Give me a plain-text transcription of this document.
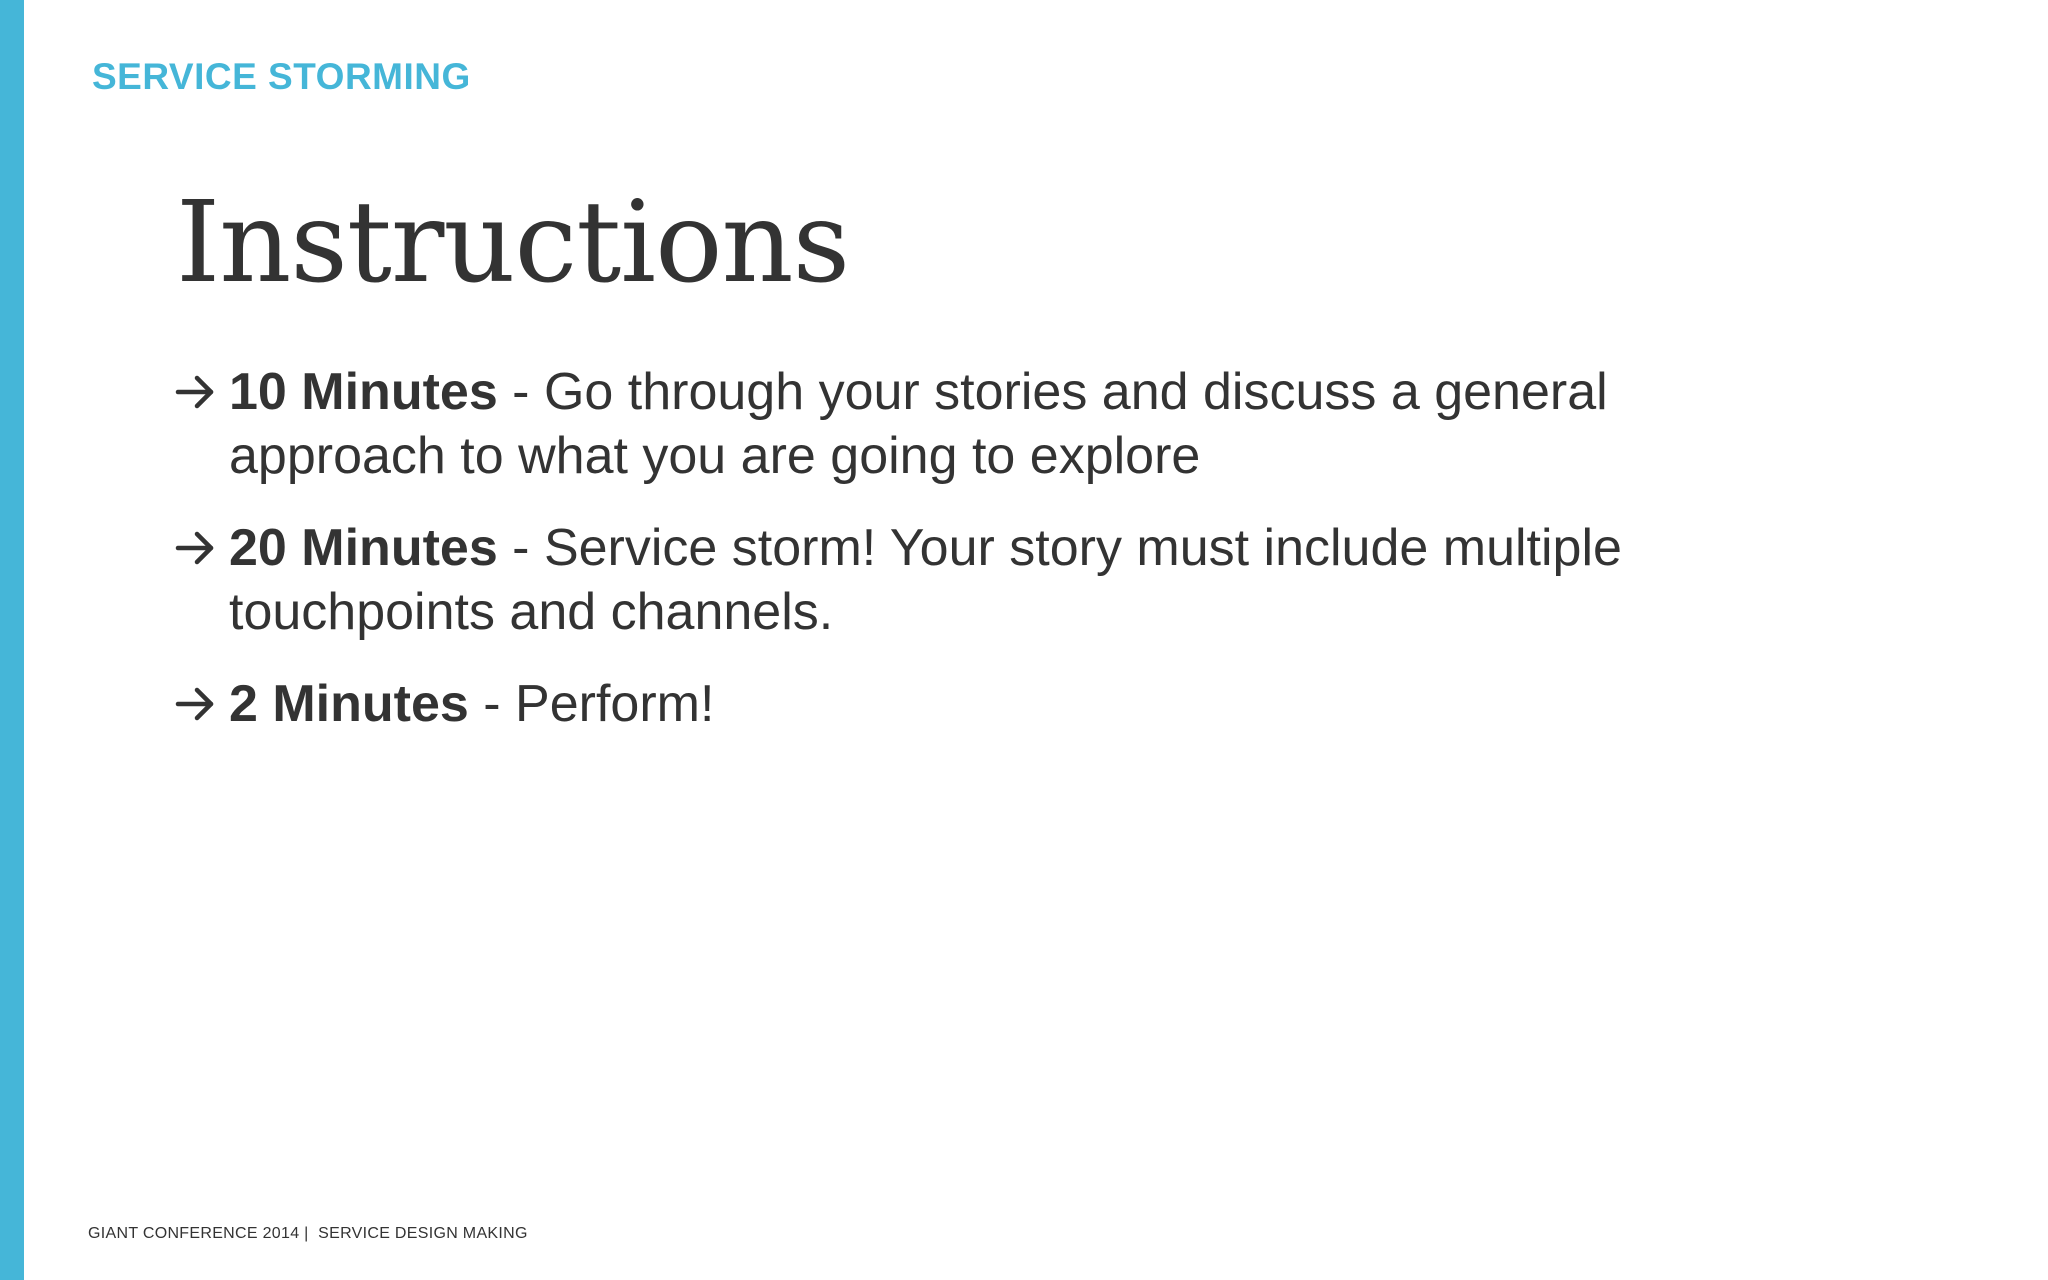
SERVICE STORMING
Instructions
10 Minutes - Go through your stories and discuss a general approach to what you are going to explore
20 Minutes - Service storm! Your story must include multiple touchpoints and channels.
2 Minutes - Perform!
GIANT CONFERENCE 2014 | SERVICE DESIGN MAKING
